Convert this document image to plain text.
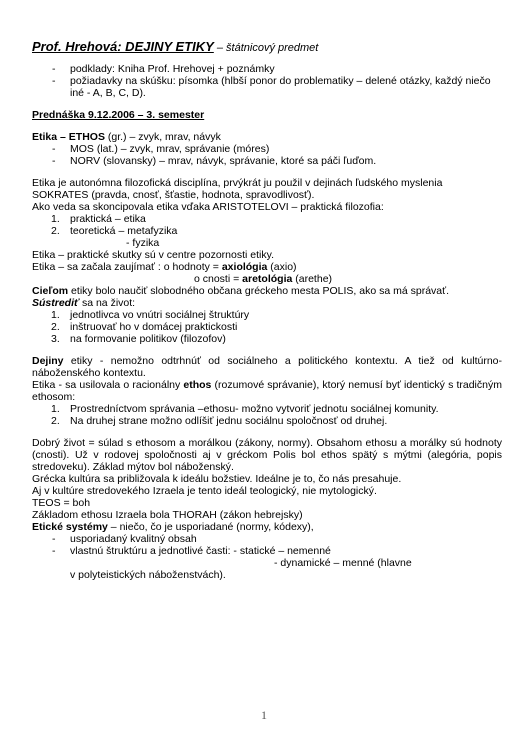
Prof. Hrehová: DEJINY ETIKY – štátnicový predmet
- podklady: Kniha Prof. Hrehovej + poznámky
- požiadavky na skúšku: písomka (hlbší ponor do problematiky – delené otázky, každý niečo iné - A, B, C, D).
Prednáška 9.12.2006 – 3. semester
Etika – ETHOS (gr.) – zvyk, mrav, návyk
- MOS (lat.) – zvyk, mrav, správanie (móres)
- NORV (slovansky) – mrav, návyk, správanie, ktoré sa páči ľuďom.
Etika je autonómna filozofická disciplína, prvýkrát ju použil v dejinách ľudského myslenia
SOKRATES (pravda, cnosť, šťastie, hodnota, spravodlivosť).
Ako veda sa skoncipovala etika vďaka ARISTOTELOVI – praktická filozofia:
1. praktická – etika
2. teoretická – metafyzika
- fyzika
Etika – praktické skutky sú v centre pozornosti etiky.
Etika – sa začala zaujímať : o hodnoty = axiológia (axio)
o cnosti = aretológia (arethe)
Cieľom etiky bolo naučiť slobodného občana gréckeho mesta POLIS, ako sa má správať.
Sústrediť sa na život:
1. jednotlivca vo vnútri sociálnej štruktúry
2. inštruovať ho v domácej praktickosti
3. na formovanie politikov (filozofov)
Dejiny etiky - nemožno odtrhnúť od sociálneho a politického kontextu. A tiež od kultúrno- náboženského kontextu.
Etika - sa usilovala o racionálny ethos (rozumové správanie), ktorý nemusí byť identický s tradičným ethosom:
1. Prostredníctvom správania –ethosu- možno vytvoriť jednotu sociálnej komunity.
2. Na druhej strane možno odlíšiť jednu sociálnu spoločnosť od druhej.
Dobrý život = súlad s ethosom a morálkou (zákony, normy). Obsahom ethosu a morálky sú hodnoty (cnosti). Už v rodovej spoločnosti aj v gréckom Polis bol ethos spätý s mýtmi (alegória, popis stredoveku). Základ mýtov bol náboženský.
Grécka kultúra sa približovala k ideálu božstiev. Ideálne je to, čo nás presahuje.
Aj v kultúre stredovekého Izraela je tento ideál teologický, nie mytologický.
TEOS = boh
Základom ethosu Izraela bola THORAH (zákon hebrejsky)
Etické systémy – niečo, čo je usporiadané (normy, kódexy),
- usporiadaný kvalitný obsah
- vlastnú štruktúru a jednotlivé časti: - statické – nemenné
- dynamické – menné (hlavne
v polyteistických náboženstvách).
1
